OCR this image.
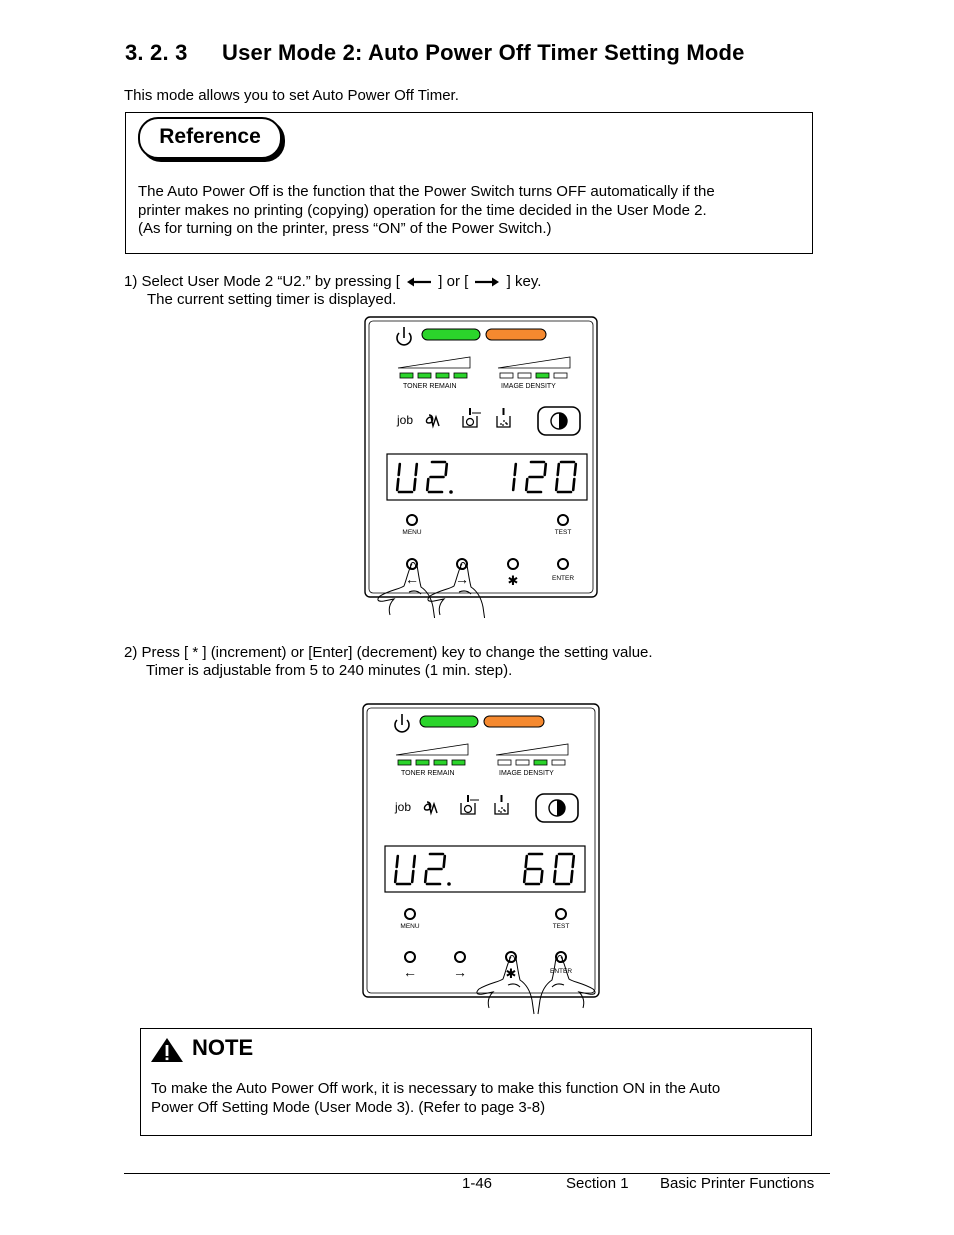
3. 2. 3 User Mode 2: Auto Power Off Timer Setting Mode
This mode allows you to set Auto Power Off Timer.
Reference
The Auto Power Off is the function that the Power Switch turns OFF automatically if the
printer makes no printing (copying) operation for the time decided in the User Mode 2.
(As for turning on the printer, press “ON” of the Power Switch.)
1) Select User Mode 2 “U2.” by pressing [	] or [	] key.
The current setting timer is displayed.
TONER REMAIN	IMAGE DENSITY
job
MENU	TEST
←	→	✱	ENTER
2) Press [ * ] (increment) or [Enter] (decrement) key to change the setting value.
Timer is adjustable from 5 to 240 minutes (1 min. step).
TONER REMAIN	IMAGE DENSITY
job
MENU	TEST
←	→	✱	ENTER
NOTE
To make the Auto Power Off work, it is necessary to make this function ON in the Auto
Power Off Setting Mode (User Mode 3). (Refer to page 3-8)
1-46	Section 1 Basic Printer Functions
